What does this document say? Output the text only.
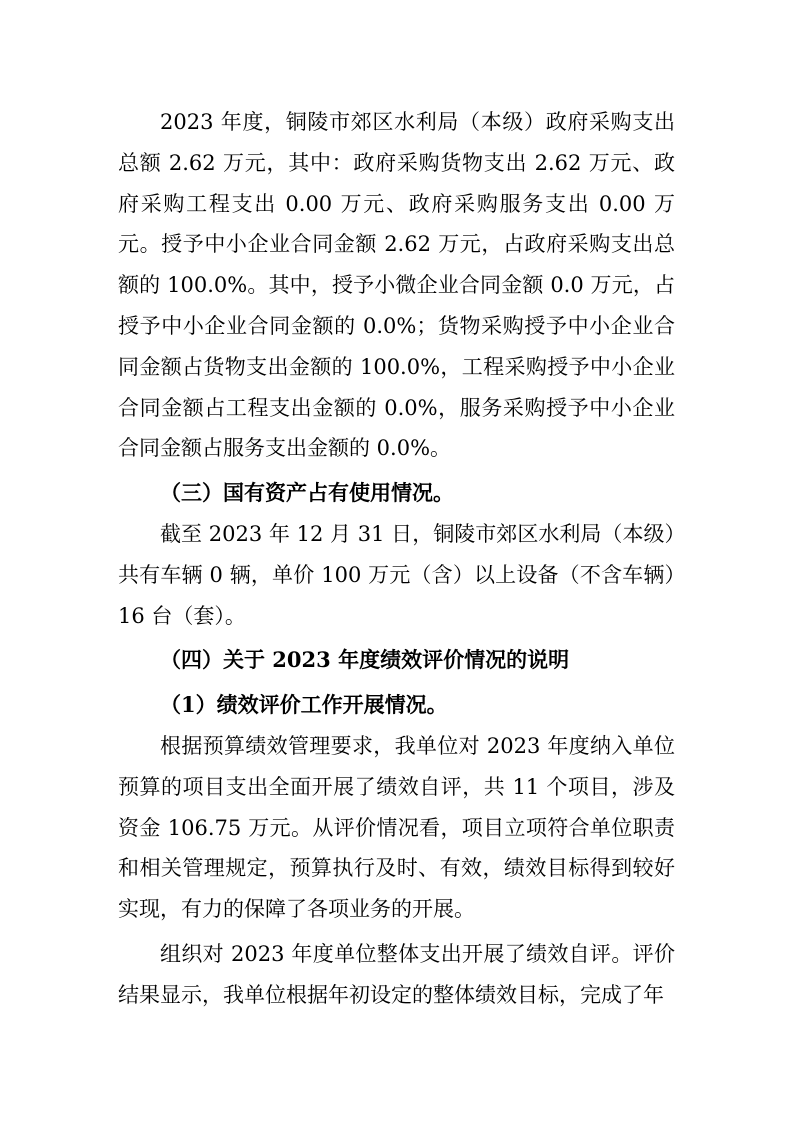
2023 年度，铜陵市郊区水利局（本级）政府采购支出总额 2.62 万元，其中：政府采购货物支出 2.62 万元、政府采购工程支出 0.00 万元、政府采购服务支出 0.00 万元。授予中小企业合同金额 2.62 万元，占政府采购支出总额的 100.0%。其中，授予小微企业合同金额 0.0 万元，占授予中小企业合同金额的 0.0%；货物采购授予中小企业合同金额占货物支出金额的 100.0%，工程采购授予中小企业合同金额占工程支出金额的 0.0%，服务采购授予中小企业合同金额占服务支出金额的 0.0%。

（三）国有资产占有使用情况。

截至 2023 年 12 月 31 日，铜陵市郊区水利局（本级）共有车辆 0 辆，单价 100 万元（含）以上设备（不含车辆）16 台（套）。

（四）关于 2023 年度绩效评价情况的说明

（1）绩效评价工作开展情况。

根据预算绩效管理要求，我单位对 2023 年度纳入单位预算的项目支出全面开展了绩效自评，共 11 个项目，涉及资金 106.75 万元。从评价情况看，项目立项符合单位职责和相关管理规定，预算执行及时、有效，绩效目标得到较好实现，有力的保障了各项业务的开展。

组织对 2023 年度单位整体支出开展了绩效自评。评价结果显示，我单位根据年初设定的整体绩效目标，完成了年
